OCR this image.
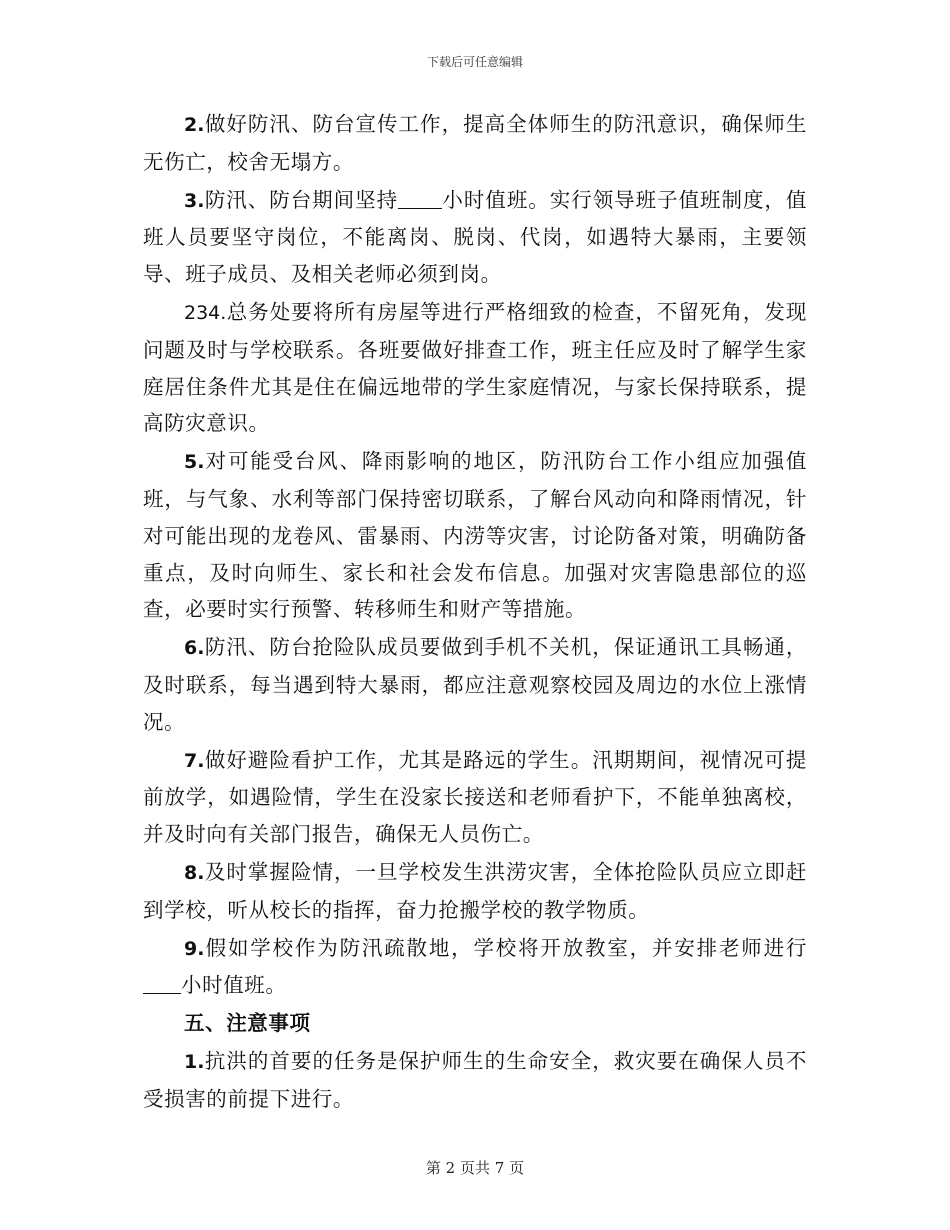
下载后可任意编辑

2.做好防汛、防台宣传工作，提高全体师生的防汛意识，确保师生无伤亡，校舍无塌方。

3.防汛、防台期间坚持 小时值班。实行领导班子值班制度，值班人员要坚守岗位，不能离岗、脱岗、代岗，如遇特大暴雨，主要领导、班子成员、及相关老师必须到岗。

234.总务处要将所有房屋等进行严格细致的检查，不留死角，发现问题及时与学校联系。各班要做好排查工作，班主任应及时了解学生家庭居住条件尤其是住在偏远地带的学生家庭情况，与家长保持联系，提高防灾意识。

5.对可能受台风、降雨影响的地区，防汛防台工作小组应加强值班，与气象、水利等部门保持密切联系，了解台风动向和降雨情况，针对可能出现的龙卷风、雷暴雨、内涝等灾害，讨论防备对策，明确防备重点，及时向师生、家长和社会发布信息。加强对灾害隐患部位的巡查，必要时实行预警、转移师生和财产等措施。

6.防汛、防台抢险队成员要做到手机不关机，保证通讯工具畅通，及时联系，每当遇到特大暴雨，都应注意观察校园及周边的水位上涨情况。

7.做好避险看护工作，尤其是路远的学生。汛期期间，视情况可提前放学，如遇险情，学生在没家长接送和老师看护下，不能单独离校，并及时向有关部门报告，确保无人员伤亡。

8.及时掌握险情，一旦学校发生洪涝灾害，全体抢险队员应立即赶到学校，听从校长的指挥，奋力抢搬学校的教学物质。

9.假如学校作为防汛疏散地，学校将开放教室，并安排老师进行小时值班。

五、注意事项

1.抗洪的首要的任务是保护师生的生命安全，救灾要在确保人员不受损害的前提下进行。

第 2 页共 7 页
